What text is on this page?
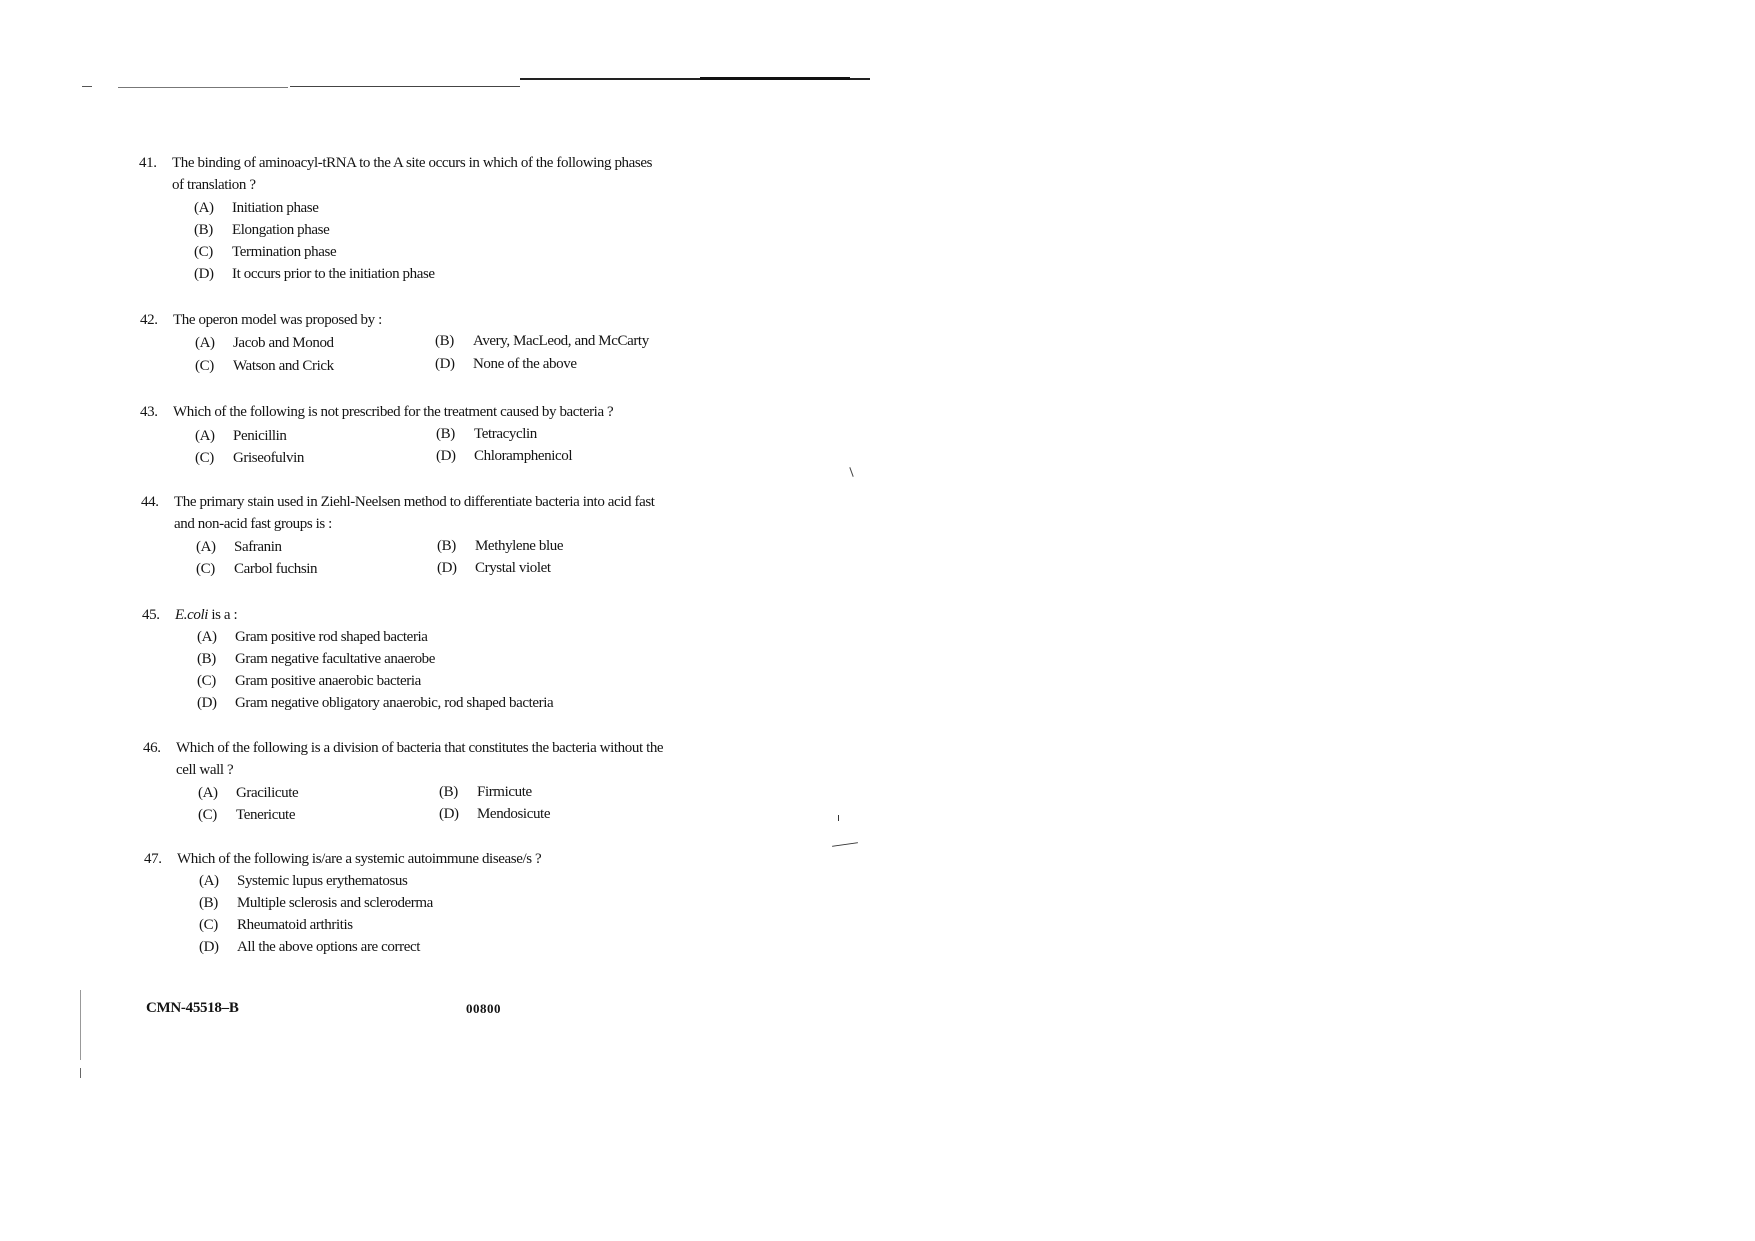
41. The binding of aminoacyl-tRNA to the A site occurs in which of the following phases
of translation ?
(A) Initiation phase
(B) Elongation phase
(C) Termination phase
(D) It occurs prior to the initiation phase
42. The operon model was proposed by :
(A) Jacob and Monod	(B) Avery, MacLeod, and McCarty
(C) Watson and Crick	(D) None of the above
43. Which of the following is not prescribed for the treatment caused by bacteria ?
(A) Penicillin	(B) Tetracyclin
(C) Griseofulvin	(D) Chloramphenicol
44. The primary stain used in Ziehl-Neelsen method to differentiate bacteria into acid fast
and non-acid fast groups is :
(A) Safranin	(B) Methylene blue
(C) Carbol fuchsin	(D) Crystal violet
45. E.coli is a :
(A) Gram positive rod shaped bacteria
(B) Gram negative facultative anaerobe
(C) Gram positive anaerobic bacteria
(D) Gram negative obligatory anaerobic, rod shaped bacteria
46. Which of the following is a division of bacteria that constitutes the bacteria without the
cell wall ?
(A) Gracilicute	(B) Firmicute
(C) Tenericute	(D) Mendosicute
47. Which of the following is/are a systemic autoimmune disease/s ?
(A) Systemic lupus erythematosus
(B) Multiple sclerosis and scleroderma
(C) Rheumatoid arthritis
(D) All the above options are correct
CMN-45518–B	00800
